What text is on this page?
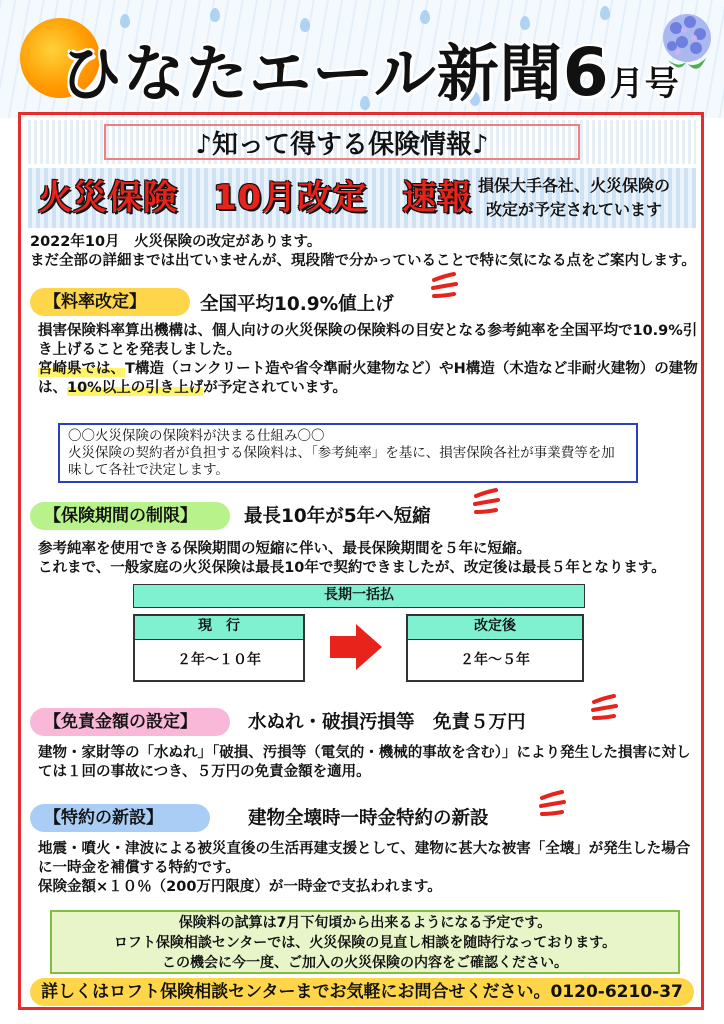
ひなたエール新聞6月号
♪知って得する保険情報♪
火災保険　10月改定　速報 損保大手各社、火災保険の
改定が予定されています

2022年10月　火災保険の改定があります。

まだ全部の詳細までは出ていませんが、現段階で分かっていることで特に気になる点をご案内します。

【料率改定】	全国平均10.9%値上げ

損害保険料率算出機構は、個人向けの火災保険の保険料の目安となる参考純率を全国平均で10.9%引き上げることを発表しました。

宮崎県では、T構造（コンクリート造や省令準耐火建物など）やH構造（木造など非耐火建物）の建物は、10%以上の引き上げが予定されています。

〇〇火災保険の保険料が決まる仕組み〇〇

火災保険の契約者が負担する保険料は、「参考純率」を基に、損害保険各社が事業費等を加味して各社で決定します。

【保険期間の制限】	最長10年が5年へ短縮

参考純率を使用できる保険期間の短縮に伴い、最長保険期間を５年に短縮。

これまで、一般家庭の火災保険は最長10年で契約できましたが、改定後は最長５年となります。

長期一括払
現　行
２年～１０年
改定後
２年～５年
【免責金額の設定】	水ぬれ・破損汚損等　免責５万円

建物・家財等の「水ぬれ」「破損、汚損等（電気的・機械的事故を含む）」により発生した損害に対しては１回の事故につき、５万円の免責金額を適用。

【特約の新設】	建物全壊時一時金特約の新設

地震・噴火・津波による被災直後の生活再建支援として、建物に甚大な被害「全壊」が発生した場合に一時金を補償する特約です。

保険金額×１０％（200万円限度）が一時金で支払われます。

保険料の試算は7月下旬頃から出来るようになる予定です。
ロフト保険相談センターでは、火災保険の見直し相談を随時行なっております。
この機会に今一度、ご加入の火災保険の内容をご確認ください。
詳しくはロフト保険相談センターまでお気軽にお問合せください。0120-6210-37
